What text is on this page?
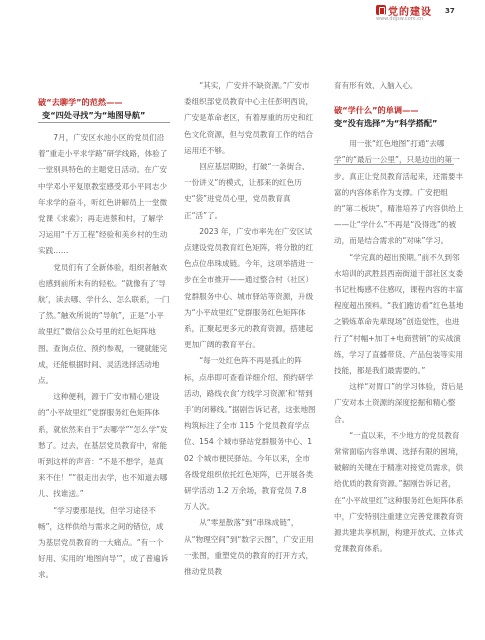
党的建设
www.ddjsw.com.cn
37
破“去聊学”的范然——
变“四处寻找”为“地图导航”

7月，广安区水池小区的党员们沿着“重走小平求学路”研学线路，体验了一堂别具特色的主题党日活动。在广安中学邓小平复原教室感受邓小平同志少年求学的奋斗，听红色讲解员上一堂微党课《求索》；再走进蔡和村，了解学习运用“千万工程”经验和美乡村的生动实践……

党员们有了全新体验，组织者触欢也感到前所未有的轻松。“就像有了‘导航’，读去哪、学什么、怎么联系，一门了然。”触欢所说的“导航”，正是“小平故里红”微信公众号里的红色矩阵地图。查询点位、预约参观，一键就能完成，还能根据时间、灵活选择活动地点。

这种便利，源于广安市精心建设的“小平故里红”党群服务红色矩阵体系，就依然来自于“去哪学”“怎么学”发愁了。过去，在基层党员教育中，常能听到这样的声音：“不是不想学，是真来不住！”“很走出去学，也不知道去哪儿、找谁送。”

“学习要那是找，但学习途径不畅”，这样供给与需求之间的错位，成为基层党员教育的一大痛点。“有一个好用、实用的‘地图向导’”，成了普遍诉求。

“其实，广安并不缺资源。”广安市委组织部党员教育中心主任彭明西说，广安是革命老区，有着厚重的历史和红色文化资源，但与党员教育工作的结合运用还不够。

回应基层期盼，打破“一条街合、一份讲义”的模式，让那来的红色历史“袋”进党员心里，党员教育真正“活”了。

2023 年，广安市率先在广安区试点建设党员教育红色矩阵，将分散的红色点位串珠成链。今年，这项举措进一步在全市推开——通过整合村（社区）党群服务中心、城市驿站等资源，升级为“小平故里红”党群服务红色矩阵体系，汇聚起更多元的教育资源，搭建起更加广阔的教育平台。

“每一处红色阵不再是孤止的阵标，点串即可查看详细介绍、预约研学活动，路线衣食‘方线学习资源’和‘帮到手’的闭幕线。”据剧告诉记者，这张地图构筑标注了全市 115 个党员教育学点位、154 个城市驿站党群服务中心、102 个城市便民驿站。今年以来，全市各级党组织依托红色矩阵，已开展各类研学活动 1.2 万余场，教育党员 7.8 万人次。

从“零星散落”到“串珠成链”，从“物理空间”到“数字云图”，广安正用一张图，重塑党员的教育的打开方式，推动党员教

育有形有效、入脑入心。

破“学什么”的单调——
变“没有选择”为“科学搭配”

用一张“红色地图”打通“去哪学”的“最后一公里”，只是边出的第一步。真正让党员教育活起来，还需要丰富的内容体系作为支撑。广安把组的“第二板块”，精准培养了内容供给上——让“学什么”不再是“没得选”的被动，而是结合需求的“对味”学习。

“学完真的超出预期。”前不久到邻水培训的武胜县西南街道干部社区支委书记杜梅感不住感叹，课程内容的丰富程度超出预料。“我们跑访看“红色基地之锻炼革命先辈现场”创造觉性，也进行了“村幅+加丁+电商营销”的实战演练，学习了直播带货、产品包装等实用技能，都是我们最需要的。”

这样“对胃口”的学习体验，背后是广安对本土资源的深度挖掘和精心整合。

“一直以来，不少地方的党员教育常常面临内容单调、选择有限的困境，破解的关键在于精准对接党员需求，供给优质的教育资源。”据刚告诉记者，在“小平故里红”这种服务红色矩阵体系中，广安特别注重建立完善党课教育资源共建共享机制，构建开放式、立体式党课教育体系。
